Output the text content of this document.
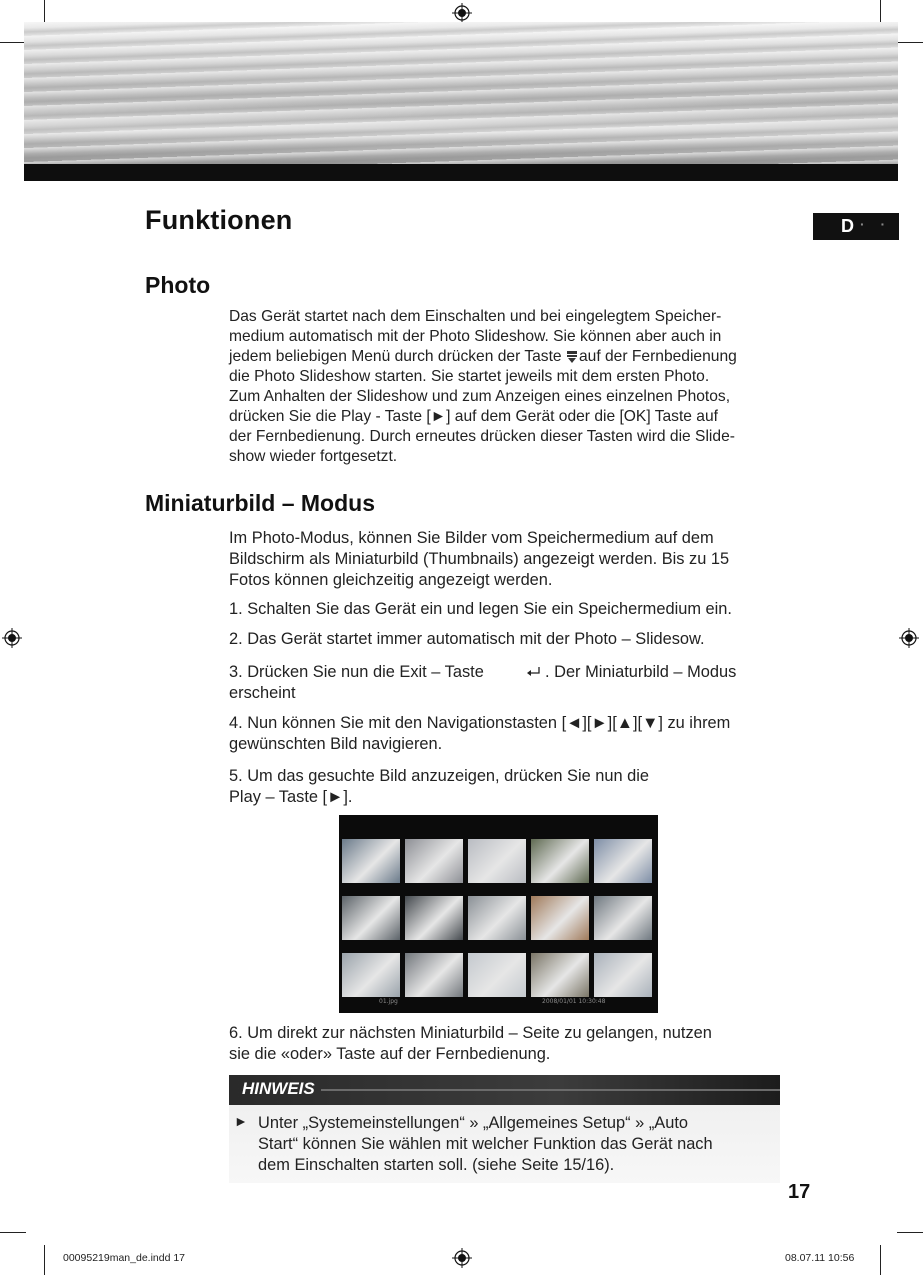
Funktionen	D · ·
Photo
Das Gerät startet nach dem Einschalten und bei eingelegtem Speicher-
medium automatisch mit der Photo Slideshow. Sie können aber auch in
jedem beliebigen Menü durch drücken der Taste	auf der Fernbedienung
die Photo Slideshow starten. Sie startet jeweils mit dem ersten Photo.
Zum Anhalten der Slideshow und zum Anzeigen eines einzelnen Photos,
drücken Sie die Play - Taste [►] auf dem Gerät oder die [OK] Taste auf
der Fernbedienung. Durch erneutes drücken dieser Tasten wird die Slide-
show wieder fortgesetzt.
Miniaturbild – Modus
Im Photo-Modus, können Sie Bilder vom Speichermedium auf dem
Bildschirm als Miniaturbild (Thumbnails) angezeigt werden. Bis zu 15
Fotos können gleichzeitig angezeigt werden.
1. Schalten Sie das Gerät ein und legen Sie ein Speichermedium ein.
2. Das Gerät startet immer automatisch mit der Photo – Slidesow.
3. Drücken Sie nun die Exit – Taste	. Der Miniaturbild – Modus
erscheint
4. Nun können Sie mit den Navigationstasten [◄][►][▲][▼] zu ihrem
gewünschten Bild navigieren.
5. Um das gesuchte Bild anzuzeigen, drücken Sie nun die
Play – Taste [►].
01.jpg	2008/01/01 10:30:48
6. Um direkt zur nächsten Miniaturbild – Seite zu gelangen, nutzen
sie die «oder» Taste auf der Fernbedienung.
HINWEIS
► Unter „Systemeinstellungen“ » „Allgemeines Setup“ » „Auto
Start“ können Sie wählen mit welcher Funktion das Gerät nach
dem Einschalten starten soll. (siehe Seite 15/16).
17
00095219man_de.indd 17	08.07.11 10:56
